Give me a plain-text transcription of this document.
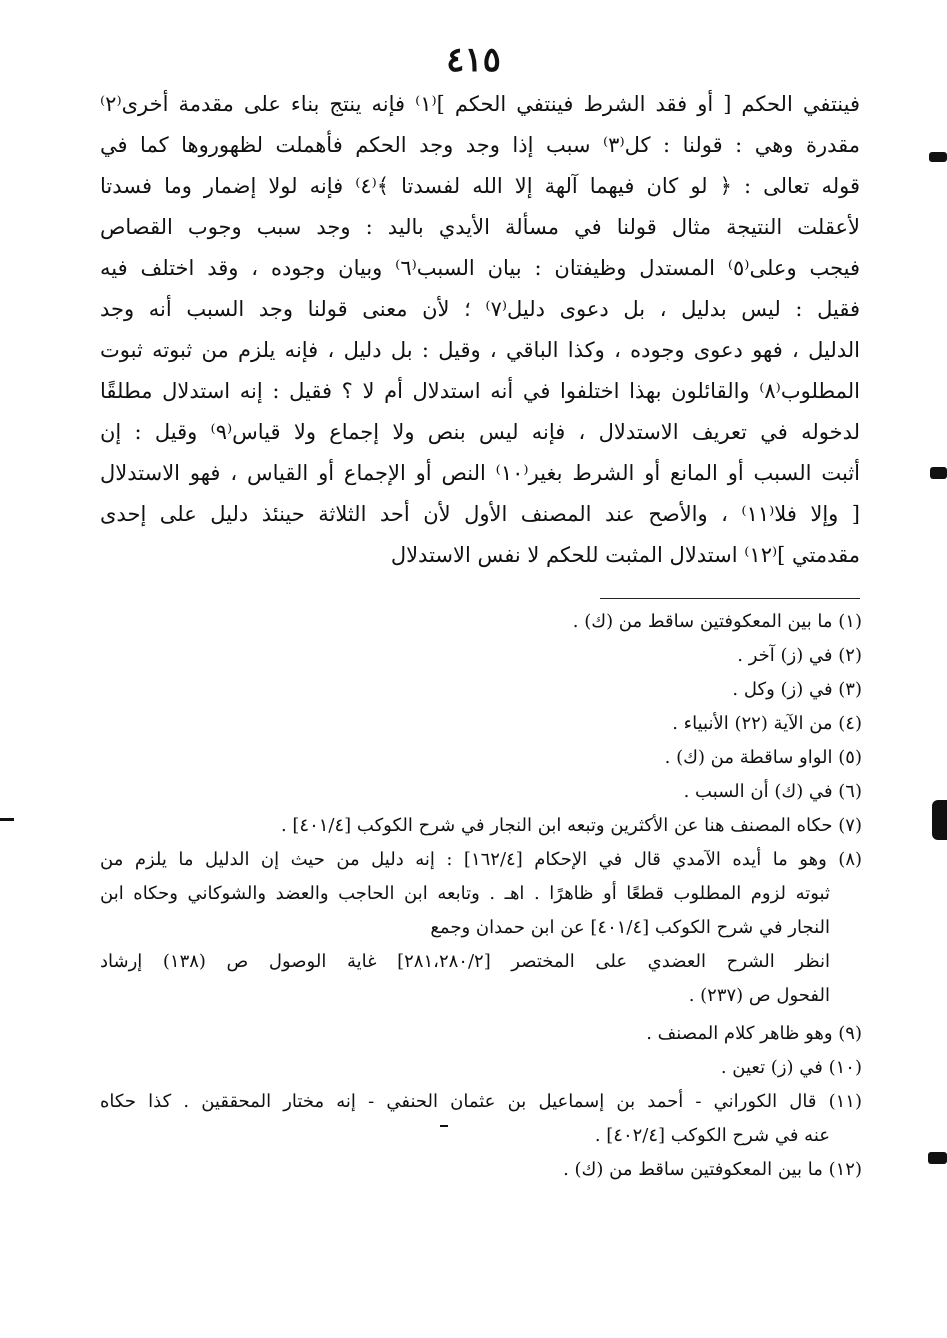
٤١٥
فينتفي الحكم [ أو فقد الشرط فينتفي الحكم ]⁽١⁾ فإنه ينتج بناء على مقدمة أخرى⁽٢⁾
مقدرة وهي : قولنا : كل⁽٣⁾ سبب إذا وجد وجد الحكم فأهملت لظهوروها كما في
قوله تعالى : ﴿ لو كان فيهما آلهة إلا الله لفسدتا ﴾⁽٤⁾ فإنه لولا إضمار وما فسدتا
لأعقلت النتيجة مثال قولنا في مسألة الأيدي باليد : وجد سبب وجوب القصاص
فيجب وعلى⁽٥⁾ المستدل وظيفتان : بيان السبب⁽٦⁾ وبيان وجوده ، وقد اختلف فيه
فقيل : ليس بدليل ، بل دعوى دليل⁽٧⁾ ؛ لأن معنى قولنا وجد السبب أنه وجد
الدليل ، فهو دعوى وجوده ، وكذا الباقي ، وقيل : بل دليل ، فإنه يلزم من ثبوته ثبوت
المطلوب⁽٨⁾ والقائلون بهذا اختلفوا في أنه استدلال أم لا ؟ فقيل : إنه استدلال مطلقًا
لدخوله في تعريف الاستدلال ، فإنه ليس بنص ولا إجماع ولا قياس⁽٩⁾ وقيل : إن
أثبت السبب أو المانع أو الشرط بغير⁽١٠⁾ النص أو الإجماع أو القياس ، فهو الاستدلال
[ وإلا فلا⁽١١⁾ ، والأصح عند المصنف الأول لأن أحد الثلاثة حينئذ دليل على إحدى
مقدمتي ]⁽١٢⁾ استدلال المثبت للحكم لا نفس الاستدلال
(١) ما بين المعكوفتين ساقط من (ك) .
(٢) في (ز) آخر .
(٣) في (ز) وكل .
(٤) من الآية (٢٢) الأنبياء .
(٥) الواو ساقطة من (ك) .
(٦) في (ك) أن السبب .
(٧) حكاه المصنف هنا عن الأكثرين وتبعه ابن النجار في شرح الكوكب [٤٠١/٤] .
(٨) وهو ما أيده الآمدي قال في الإحكام [١٦٢/٤] : إنه دليل من حيث إن الدليل ما يلزم من
ثبوته لزوم المطلوب قطعًا أو ظاهرًا . اهـ . وتابعه ابن الحاجب والعضد والشوكاني وحكاه ابن
النجار في شرح الكوكب [٤٠١/٤] عن ابن حمدان وجمع
انظر الشرح العضدي على المختصر [٢٨١،٢٨٠/٢] غاية الوصول ص (١٣٨) إرشاد
الفحول ص (٢٣٧) .
(٩) وهو ظاهر كلام المصنف .
(١٠) في (ز) تعين .
(١١) قال الكوراني - أحمد بن إسماعيل بن عثمان الحنفي - إنه مختار المحققين . كذا حكاه
عنه في شرح الكوكب [٤٠٢/٤] .
(١٢) ما بين المعكوفتين ساقط من (ك) .
